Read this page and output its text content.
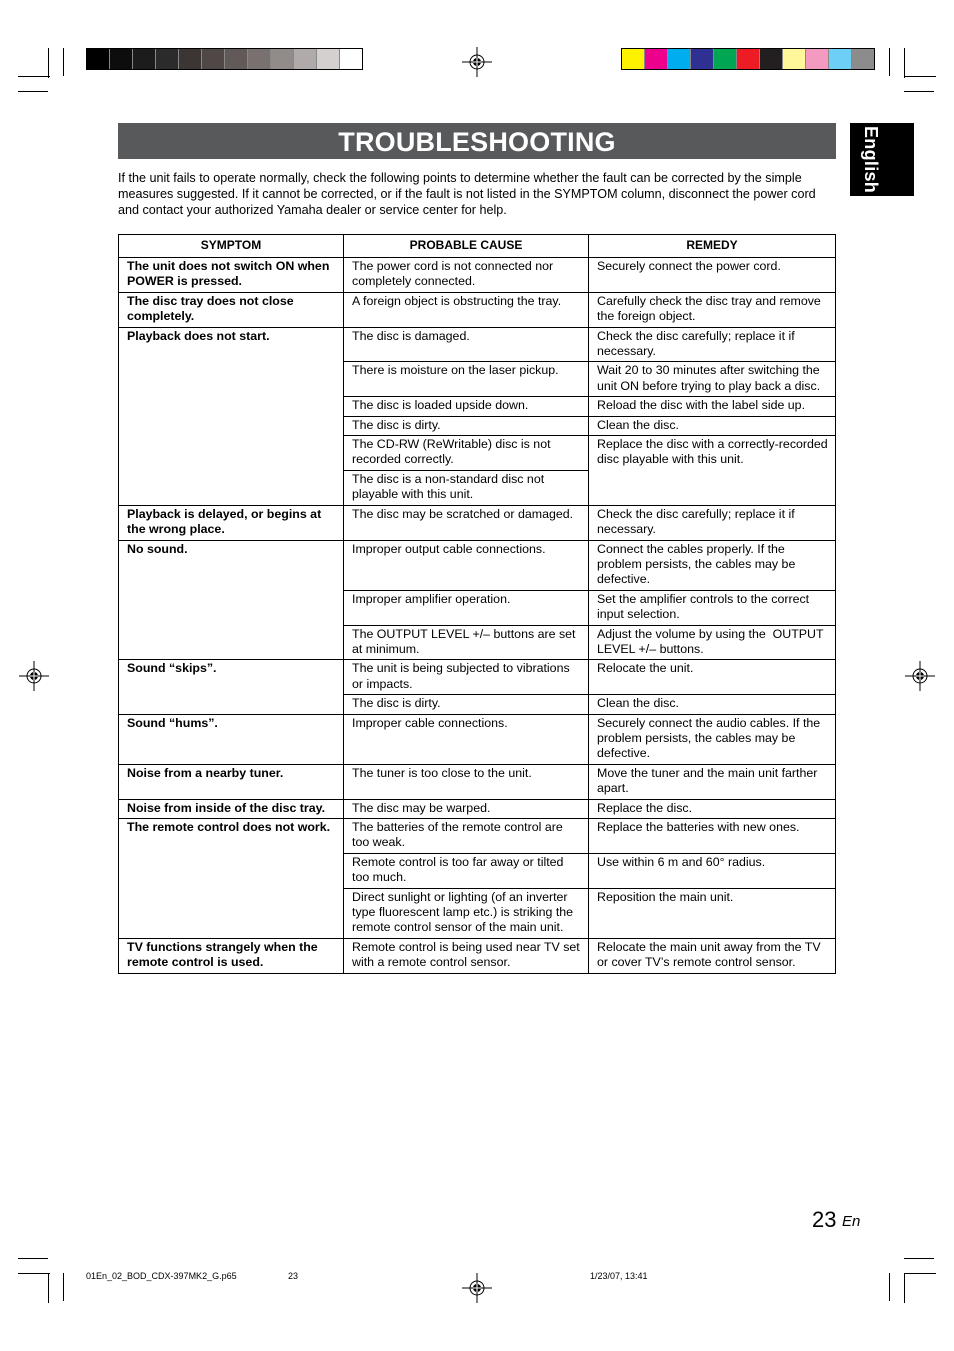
TROUBLESHOOTING	English

If the unit fails to operate normally, check the following points to determine whether the fault can be corrected by the simple measures suggested. If it cannot be corrected, or if the fault is not listed in the SYMPTOM column, disconnect the power cord and contact your authorized Yamaha dealer or service center for help.

SYMPTOM	PROBABLE CAUSE	REMEDY
The unit does not switch ON when POWER is pressed.	The power cord is not connected nor completely connected.	Securely connect the power cord.
The disc tray does not close completely.	A foreign object is obstructing the tray.	Carefully check the disc tray and remove the foreign object.
Playback does not start.	The disc is damaged.	Check the disc carefully; replace it if necessary.
	There is moisture on the laser pickup.	Wait 20 to 30 minutes after switching the unit ON before trying to play back a disc.
	The disc is loaded upside down.	Reload the disc with the label side up.
	The disc is dirty.	Clean the disc.
	The CD-RW (ReWritable) disc is not recorded correctly.	Replace the disc with a correctly-recorded disc playable with this unit.
	The disc is a non-standard disc not playable with this unit.	
Playback is delayed, or begins at the wrong place.	The disc may be scratched or damaged.	Check the disc carefully; replace it if necessary.
No sound.	Improper output cable connections.	Connect the cables properly. If the problem persists, the cables may be defective.
	Improper amplifier operation.	Set the amplifier controls to the correct input selection.
	The OUTPUT LEVEL +/– buttons are set at minimum.	Adjust the volume by using the  OUTPUT LEVEL +/– buttons.
Sound “skips”.	The unit is being subjected to vibrations or impacts.	Relocate the unit.
	The disc is dirty.	Clean the disc.
Sound “hums”.	Improper cable connections.	Securely connect the audio cables. If the problem persists, the cables may be defective.
Noise from a nearby tuner.	The tuner is too close to the unit.	Move the tuner and the main unit farther apart.
Noise from inside of the disc tray.	The disc may be warped.	Replace the disc.
The remote control does not work.	The batteries of the remote control are too weak.	Replace the batteries with new ones.
	Remote control is too far away or tilted too much.	Use within 6 m and 60° radius.
	Direct sunlight or lighting (of an inverter type fluorescent lamp etc.) is striking the remote control sensor of the main unit.	Reposition the main unit.
TV functions strangely when the remote control is used.	Remote control is being used near TV set with a remote control sensor.	Relocate the main unit away from the TV or cover TV’s remote control sensor.
23 En
01En_02_BOD_CDX-397MK2_G.p65	23	1/23/07, 13:41
